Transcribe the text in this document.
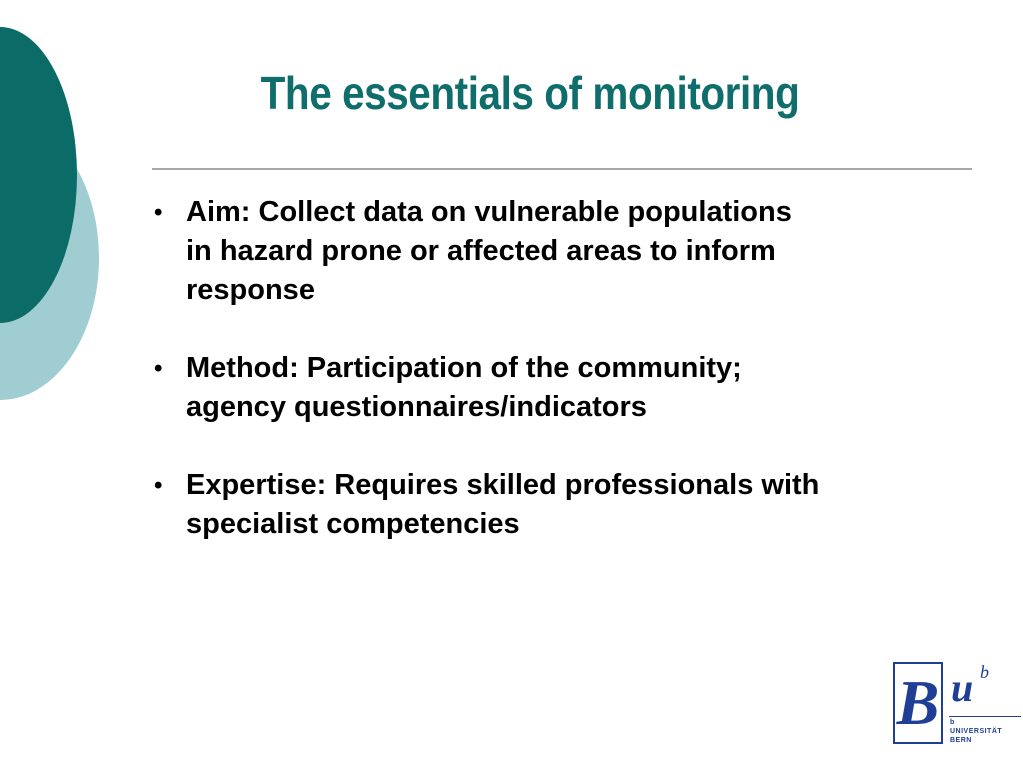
The essentials of monitoring
• Aim: Collect data on vulnerable populations
in hazard prone or affected areas to inform
response
• Method: Participation of the community;
agency questionnaires/indicators
• Expertise: Requires skilled professionals with
specialist competencies
B u b
b
UNIVERSITÄT
BERN
